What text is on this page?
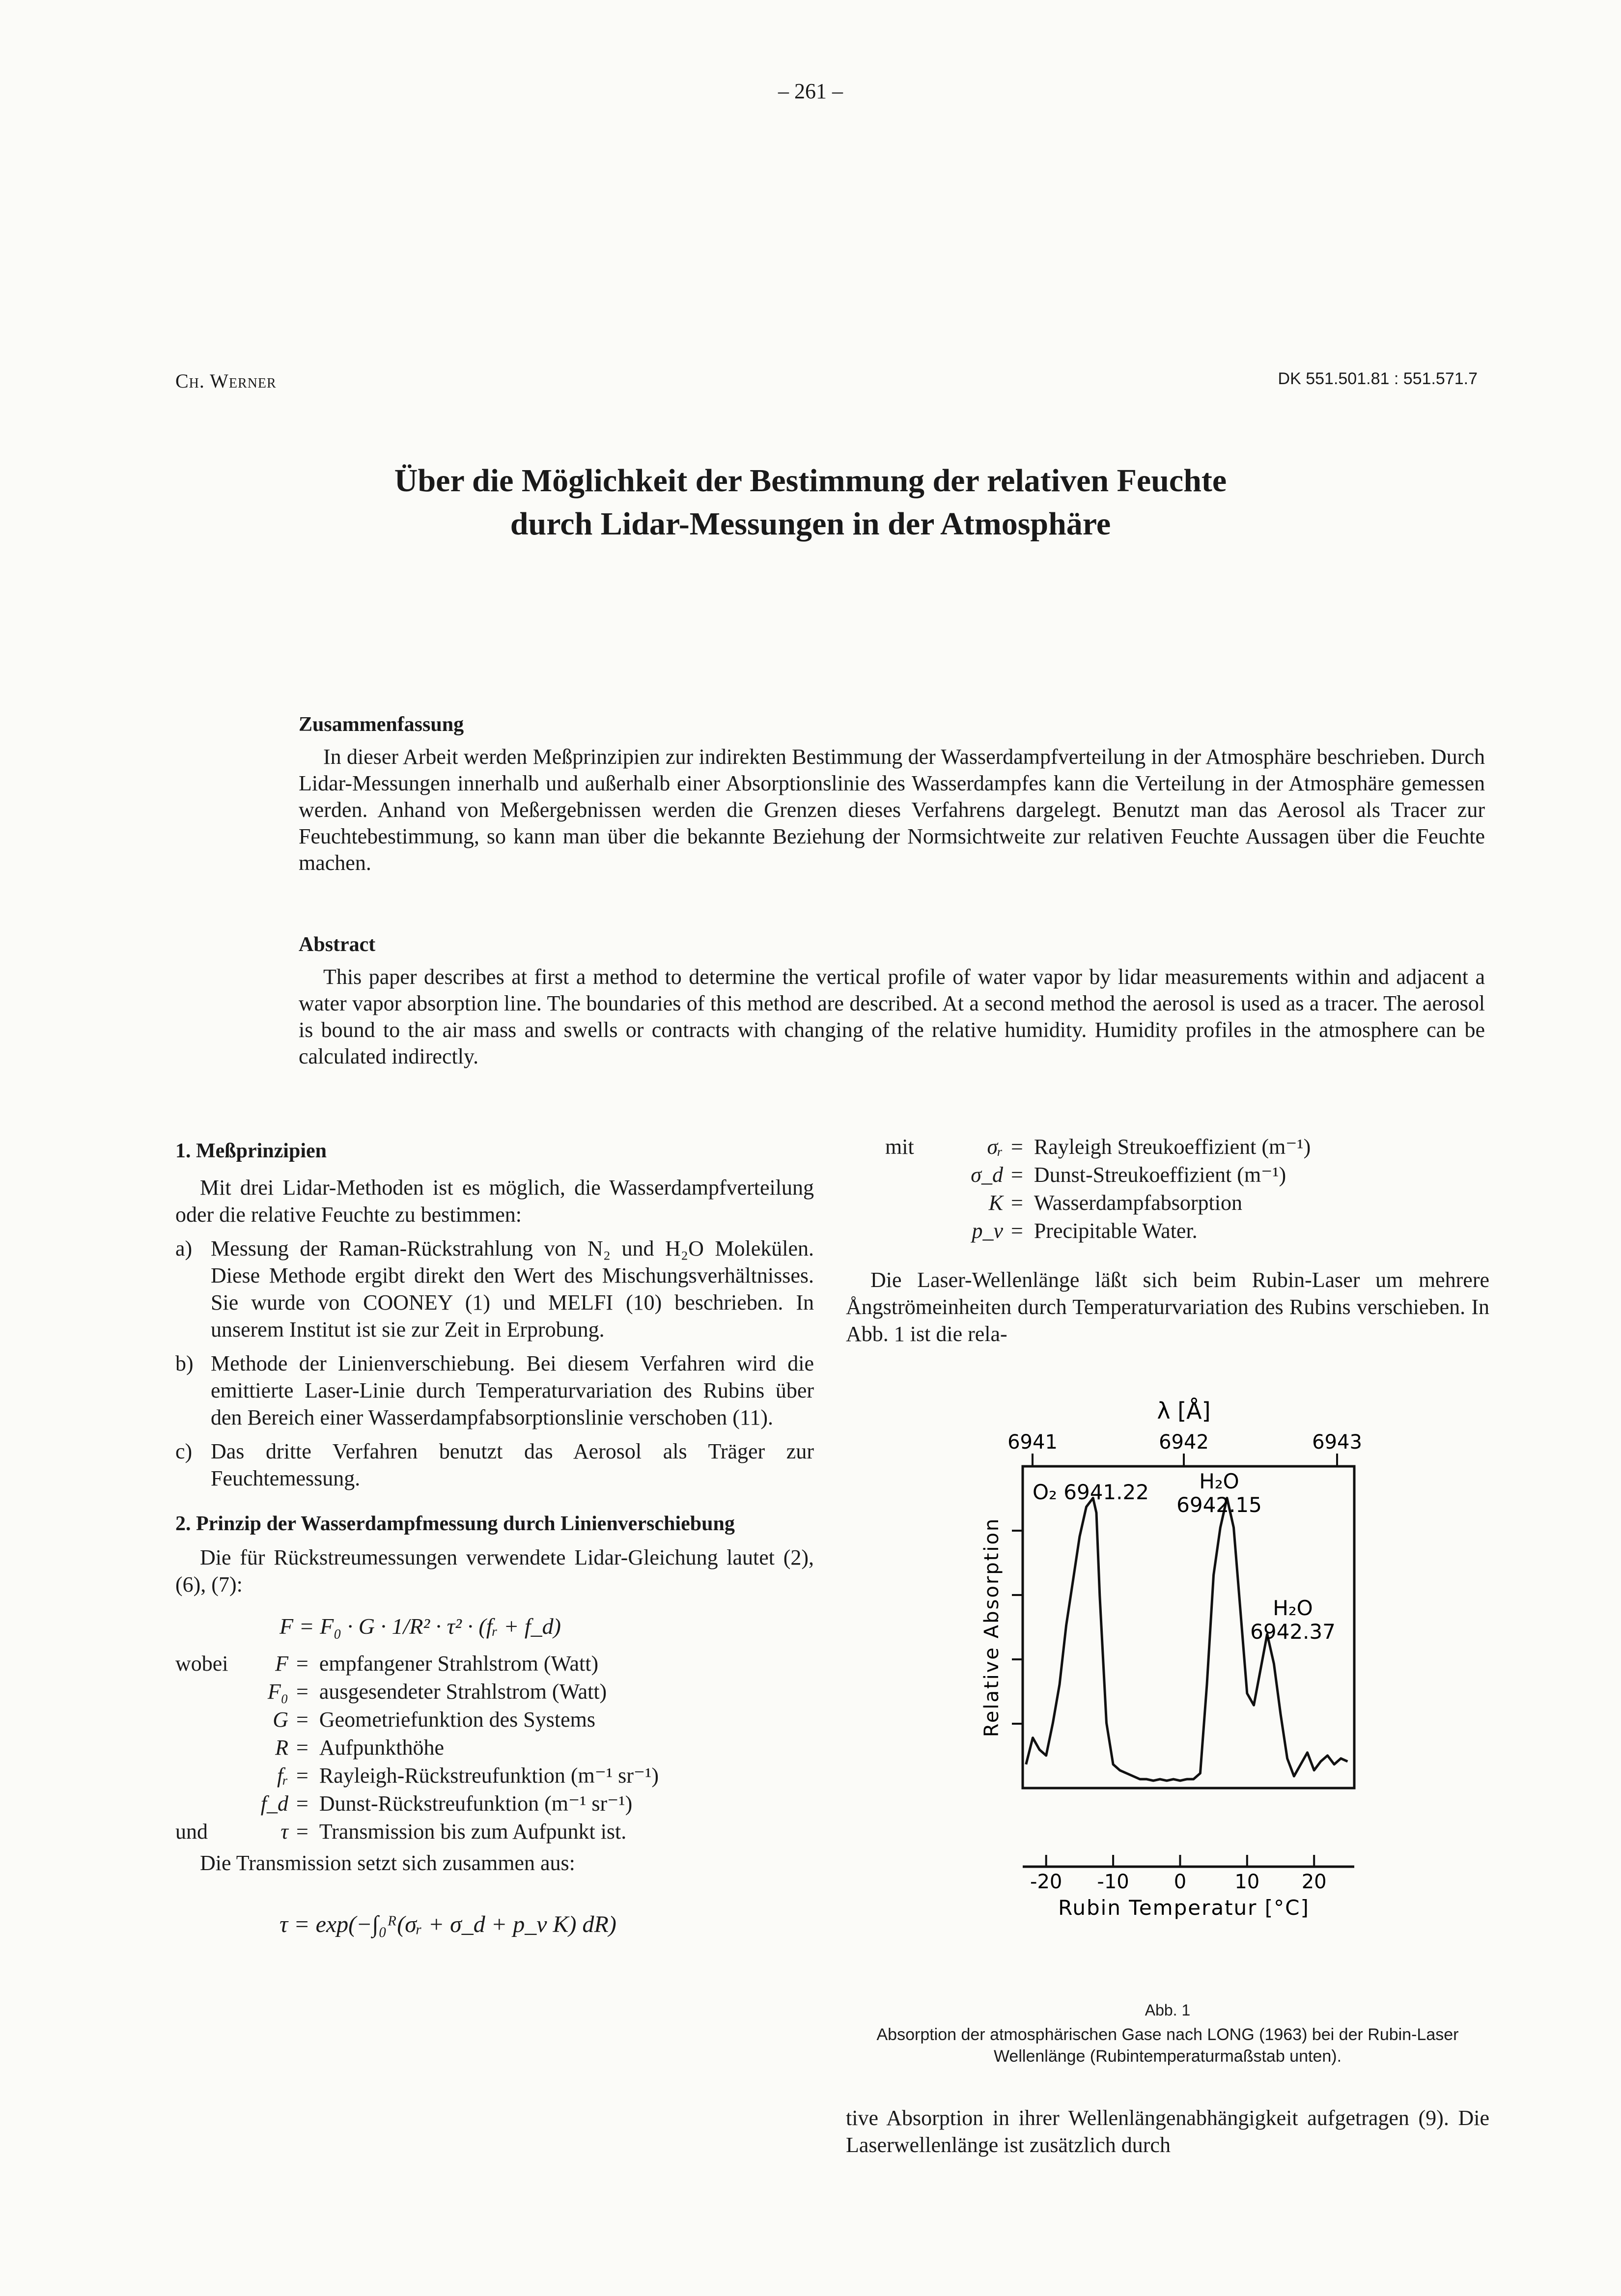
– 261 –
Ch. Werner	DK 551.501.81 : 551.571.7
Über die Möglichkeit der Bestimmung der relativen Feuchte
durch Lidar-Messungen in der Atmosphäre
Zusammenfassung

In dieser Arbeit werden Meßprinzipien zur indirekten Bestimmung der Wasserdampfverteilung in der Atmosphäre beschrieben. Durch Lidar-Messungen innerhalb und außerhalb einer Absorptionslinie des Wasserdampfes kann die Verteilung in der Atmosphäre gemessen werden. Anhand von Meßergebnissen werden die Grenzen dieses Verfahrens dargelegt. Benutzt man das Aerosol als Tracer zur Feuchtebestimmung, so kann man über die bekannte Beziehung der Normsichtweite zur relativen Feuchte Aussagen über die Feuchte machen.

Abstract

This paper describes at first a method to determine the vertical profile of water vapor by lidar measurements within and adjacent a water vapor absorption line. The boundaries of this method are described. At a second method the aerosol is used as a tracer. The aerosol is bound to the air mass and swells or contracts with changing of the relative humidity. Humidity profiles in the atmosphere can be calculated indirectly.

1. Meßprinzipien

Mit drei Lidar-Methoden ist es möglich, die Wasserdampfverteilung oder die relative Feuchte zu bestimmen:

a) Messung der Raman-Rückstrahlung von N₂ und H₂O Molekülen. Diese Methode ergibt direkt den Wert des Mischungsverhältnisses. Sie wurde von COONEY (1) und MELFI (10) beschrieben. In unserem Institut ist sie zur Zeit in Erprobung.
b) Methode der Linienverschiebung. Bei diesem Verfahren wird die emittierte Laser-Linie durch Temperaturvariation des Rubins über den Bereich einer Wasserdampfabsorptionslinie verschoben (11).
c) Das dritte Verfahren benutzt das Aerosol als Träger zur Feuchtemessung.
2. Prinzip der Wasserdampfmessung durch Linienverschiebung

Die für Rückstreumessungen verwendete Lidar-Gleichung lautet (2), (6), (7):

F = F₀ · G · 1/R² · τ² · (fᵣ + f_d)
wobei	F	=	empfangener Strahlstrom (Watt)
	F₀	=	ausgesendeter Strahlstrom (Watt)
	G	=	Geometriefunktion des Systems
	R	=	Aufpunkthöhe
	fᵣ	=	Rayleigh-Rückstreufunktion (m⁻¹ sr⁻¹)
	f_d	=	Dunst-Rückstreufunktion (m⁻¹ sr⁻¹)
und	τ	=	Transmission bis zum Aufpunkt ist.

Die Transmission setzt sich zusammen aus:

τ = exp(−∫₀ᴿ(σᵣ + σ_d + p_v K) dR)
mit	σᵣ	=	Rayleigh Streukoeffizient (m⁻¹)
	σ_d	=	Dunst-Streukoeffizient (m⁻¹)
	K	=	Wasserdampfabsorption
	p_v	=	Precipitable Water.

Die Laser-Wellenlänge läßt sich beim Rubin-Laser um mehrere Ångströmeinheiten durch Temperaturvariation des Rubins verschieben. In Abb. 1 ist die rela-

λ [Å]
6941	6942	6943
-20 -10 0 10 20
Rubin Temperatur [°C]
Relative Absorption
O₂ 6941.22 H₂O
6942.15
H₂O
6942.37
Abb. 1
Absorption der atmosphärischen Gase nach LONG (1963) bei der Rubin-Laser Wellenlänge (Rubintemperaturmaßstab unten).

tive Absorption in ihrer Wellenlängenabhängigkeit aufgetragen (9). Die Laserwellenlänge ist zusätzlich durch
